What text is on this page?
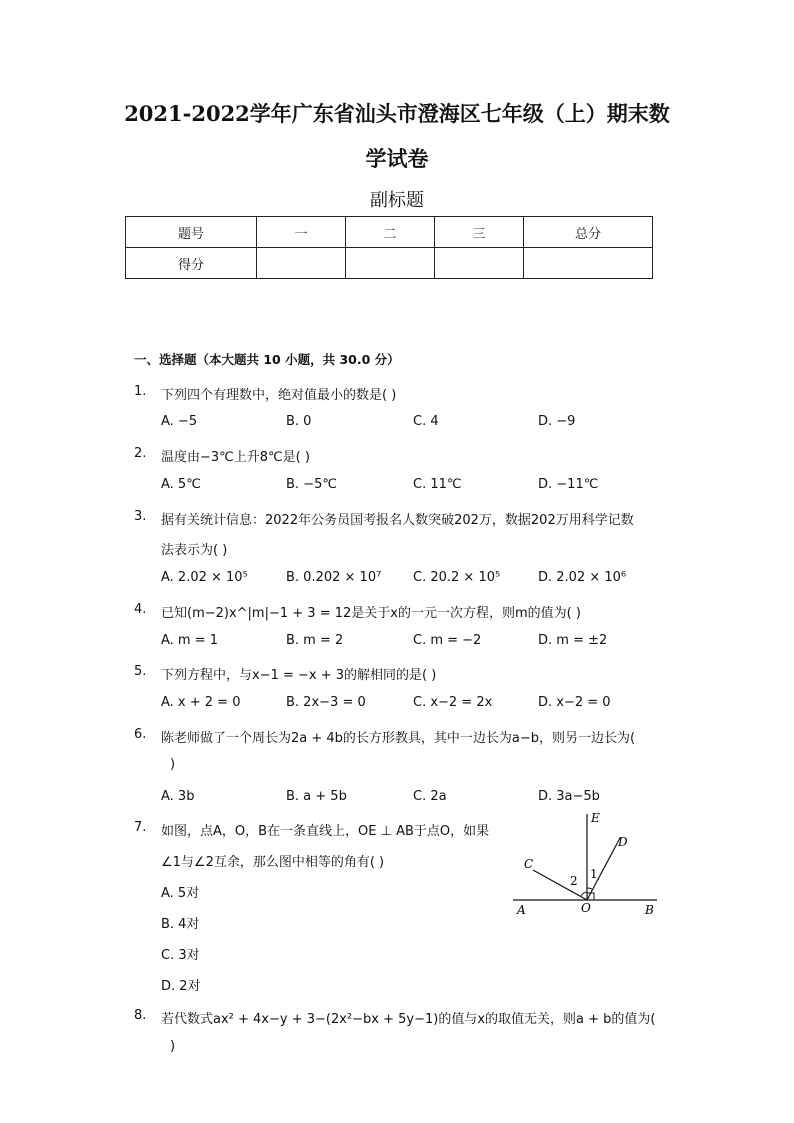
2021-2022学年广东省汕头市澄海区七年级（上）期末数
学试卷
副标题
题号	一	二	三	总分
得分				
一、选择题（本大题共 10 小题，共 30.0 分）
1. 下列四个有理数中，绝对值最小的数是( )
A. −5	B. 0	C. 4	D. −9
2. 温度由−3℃上升8℃是( )
A. 5℃	B. −5℃	C. 11℃	D. −11℃
3. 据有关统计信息：2022年公务员国考报名人数突破202万，数据202万用科学记数
法表示为( )
A. 2.02 × 10⁵	B. 0.202 × 10⁷ C. 20.2 × 10⁵	D. 2.02 × 10⁶
4. 已知(m−2)x^|m|−1 + 3 = 12是关于x的一元一次方程，则m的值为( )
A. m = 1	B. m = 2	C. m = −2	D. m = ±2
5. 下列方程中，与x−1 = −x + 3的解相同的是( )
A. x + 2 = 0	B. 2x−3 = 0	C. x−2 = 2x	D. x−2 = 0
6. 陈老师做了一个周长为2a + 4b的长方形教具，其中一边长为a−b，则另一边长为(
)
A. 3b	B. a + 5b	C. 2a	D. 3a−5b
7. 如图，点A，O，B在一条直线上，OE ⊥ AB于点O，如果
∠1与∠2互余，那么图中相等的角有( )
A. 5对
B. 4对
C. 3对
D. 2对
E
D
C
A	O	B
1
2
8. 若代数式ax² + 4x−y + 3−(2x²−bx + 5y−1)的值与x的取值无关，则a + b的值为(
)
